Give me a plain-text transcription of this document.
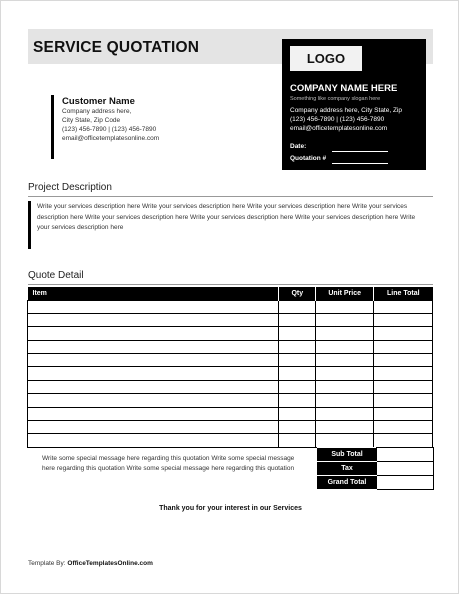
SERVICE QUOTATION
LOGO
COMPANY NAME HERE
Something like company slogan here
Company address here, City State, Zip
(123) 456-7890 | (123) 456-7890
email@officetemplatesonline.com
Date:
Quotation #
Customer Name
Company address here,
City State, Zip Code
(123) 456-7890 | (123) 456-7890
email@officetemplatesonline.com
Project Description
Write your services description here Write your services description here Write your services description here Write your services description here Write your services description here Write your services description here Write your services description here Write your services description here
Quote Detail
Item	Qty	Unit Price	Line Total

Write some special message here regarding this quotation Write some special message here regarding this quotation Write some special message here regarding this quotation
Sub Total	
Tax	
Grand Total	
Thank you for your interest in our Services
Template By: OfficeTemplatesOnline.com
